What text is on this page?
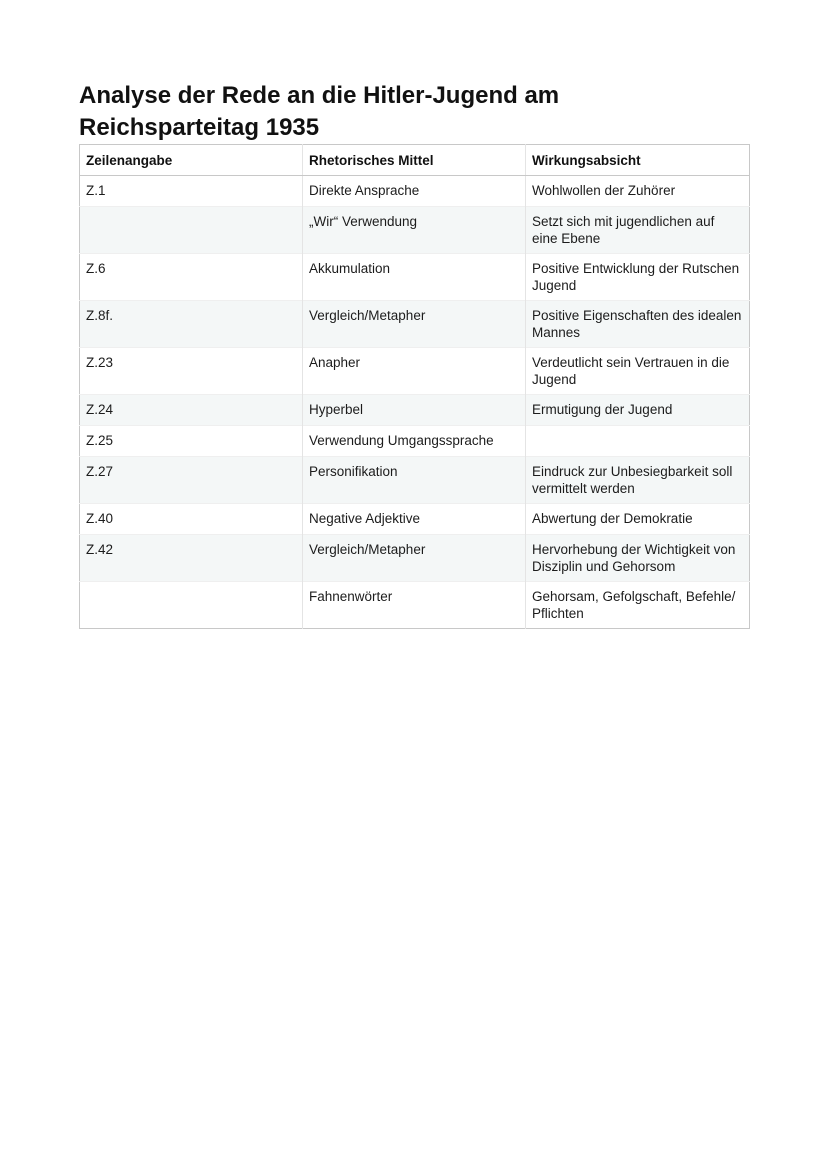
Analyse der Rede an die Hitler-Jugend am Reichsparteitag 1935
Zeilenangabe	Rhetorisches Mittel	Wirkungsabsicht
Z.1	Direkte Ansprache	Wohlwollen der Zuhörer
	„Wir“ Verwendung	Setzt sich mit jugendlichen auf eine Ebene
Z.6	Akkumulation	Positive Entwicklung der Rutschen Jugend
Z.8f.	Vergleich/Metapher	Positive Eigenschaften des idealen Mannes
Z.23	Anapher	Verdeutlicht sein Vertrauen in die Jugend
Z.24	Hyperbel	Ermutigung der Jugend
Z.25	Verwendung Umgangssprache	
Z.27	Personifikation	Eindruck zur Unbesiegbarkeit soll vermittelt werden
Z.40	Negative Adjektive	Abwertung der Demokratie
Z.42	Vergleich/Metapher	Hervorhebung der Wichtigkeit von Disziplin und Gehorsom
	Fahnenwörter	Gehorsam, Gefolgschaft, Befehle/ Pflichten
